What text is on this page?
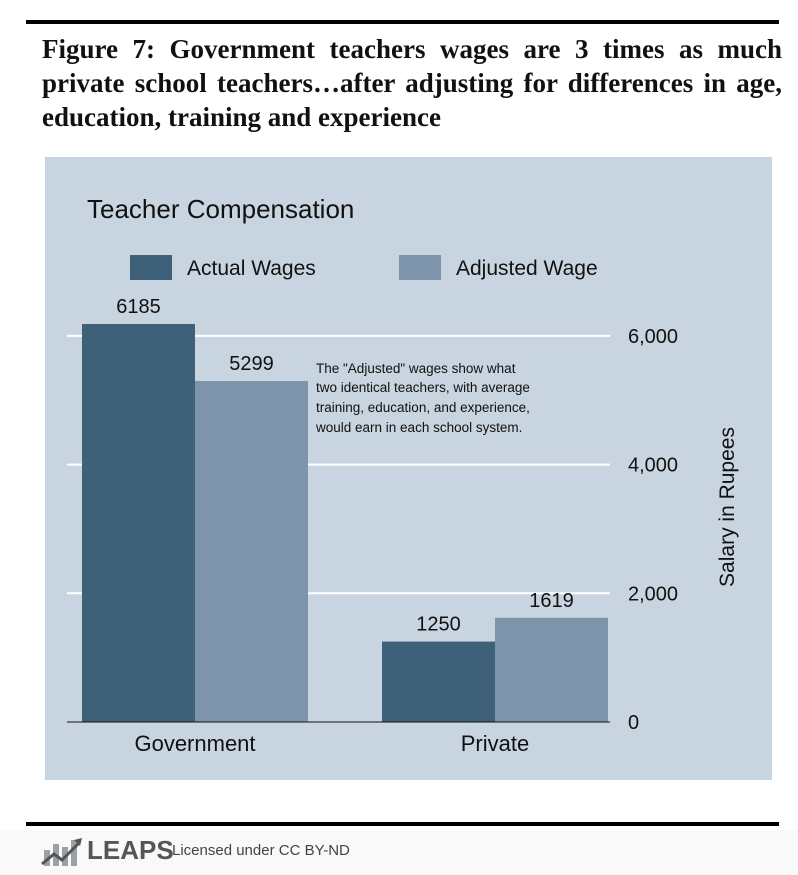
Figure 7: Government teachers wages are 3 times as much private school teachers…after adjusting for differences in age, education, training and experience
6185
5299
1250
1619
0
2,000
4,000
6,000
Government	Private
Teacher Compensation
Actual Wages	Adjusted Wage
The "Adjusted" wages show what
two identical teachers, with average
training, education, and experience,
would earn in each school system.	Salary in Rupees
LEAPS
Licensed under CC BY-ND
